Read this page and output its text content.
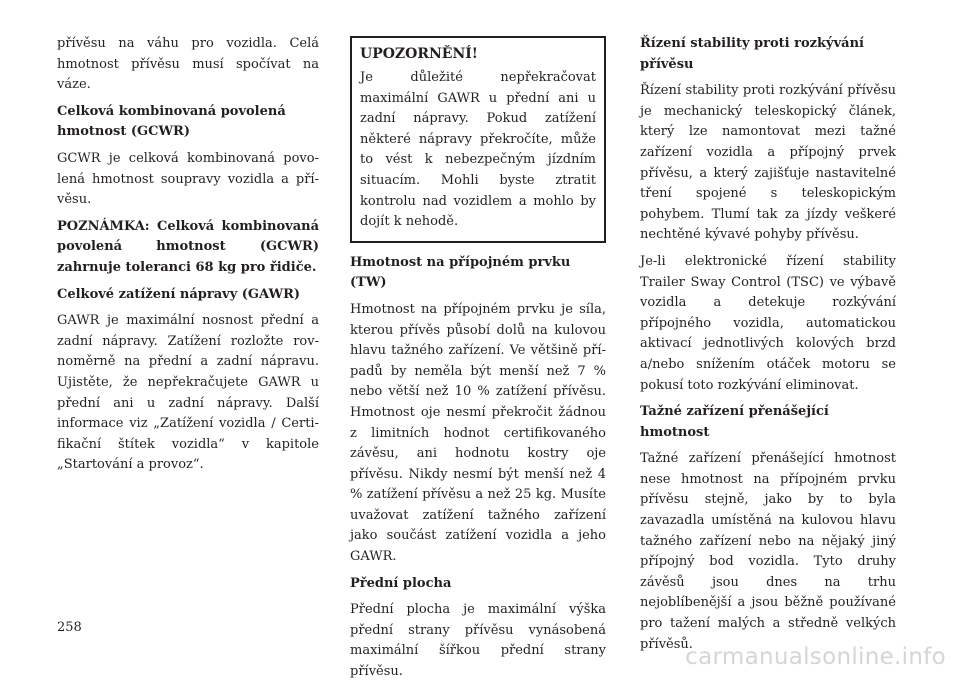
přívěsu na váhu pro vozidla. Celá hmotnost přívěsu musí spočívat na váze.

Celková kombinovaná povolená hmotnost (GCWR)

GCWR je celková kombinovaná povolená hmotnost soupravy vozidla a přívěsu.

POZNÁMKA: Celková kombinovaná povolená hmotnost (GCWR) zahrnuje toleranci 68 kg pro řidiče.

Celkové zatížení nápravy (GAWR)

GAWR je maximální nosnost přední a zadní nápravy. Zatížení rozložte rovnoměrně na přední a zadní nápravu. Ujistěte, že nepřekračujete GAWR u přední ani u zadní nápravy. Další informace viz „Zatížení vozidla / Certifikační štítek vozidla“ v kapitole „Startování a provoz“.

UPOZORNĚNÍ!

Je důležité nepřekračovat maximální GAWR u přední ani u zadní nápravy. Pokud zatížení některé nápravy překročíte, může to vést k nebezpečným jízdním situacím. Mohli byste ztratit kontrolu nad vozidlem a mohlo by dojít k nehodě.

Hmotnost na přípojném prvku (TW)

Hmotnost na přípojném prvku je síla, kterou přívěs působí dolů na kulovou hlavu tažného zařízení. Ve většině případů by neměla být menší než 7 % nebo větší než 10 % zatížení přívěsu. Hmotnost oje nesmí překročit žádnou z limitních hodnot certifikovaného závěsu, ani hodnotu kostry oje přívěsu. Nikdy nesmí být menší než 4 % zatížení přívěsu a než 25 kg. Musíte uvažovat zatížení tažného zařízení jako součást zatížení vozidla a jeho GAWR.

Přední plocha

Přední plocha je maximální výška přední strany přívěsu vynásobená maximální šířkou přední strany přívěsu.

Řízení stability proti rozkývání přívěsu

Řízení stability proti rozkývání přívěsu je mechanický teleskopický článek, který lze namontovat mezi tažné zařízení vozidla a přípojný prvek přívěsu, a který zajišťuje nastavitelné tření spojené s teleskopickým pohybem. Tlumí tak za jízdy veškeré nechtěné kývavé pohyby přívěsu.

Je-li elektronické řízení stability Trailer Sway Control (TSC) ve výbavě vozidla a detekuje rozkývání přípojného vozidla, automatickou aktivací jednotlivých kolových brzd a/nebo snížením otáček motoru se pokusí toto rozkývání eliminovat.

Tažné zařízení přenášející hmotnost

Tažné zařízení přenášející hmotnost nese hmotnost na přípojném prvku přívěsu stejně, jako by to byla zavazadla umístěná na kulovou hlavu tažného zařízení nebo na nějaký jiný přípojný bod vozidla. Tyto druhy závěsů jsou dnes na trhu nejoblíbenější a jsou běžně používané pro tažení malých a středně velkých přívěsů.

258
carmanualsonline.info
